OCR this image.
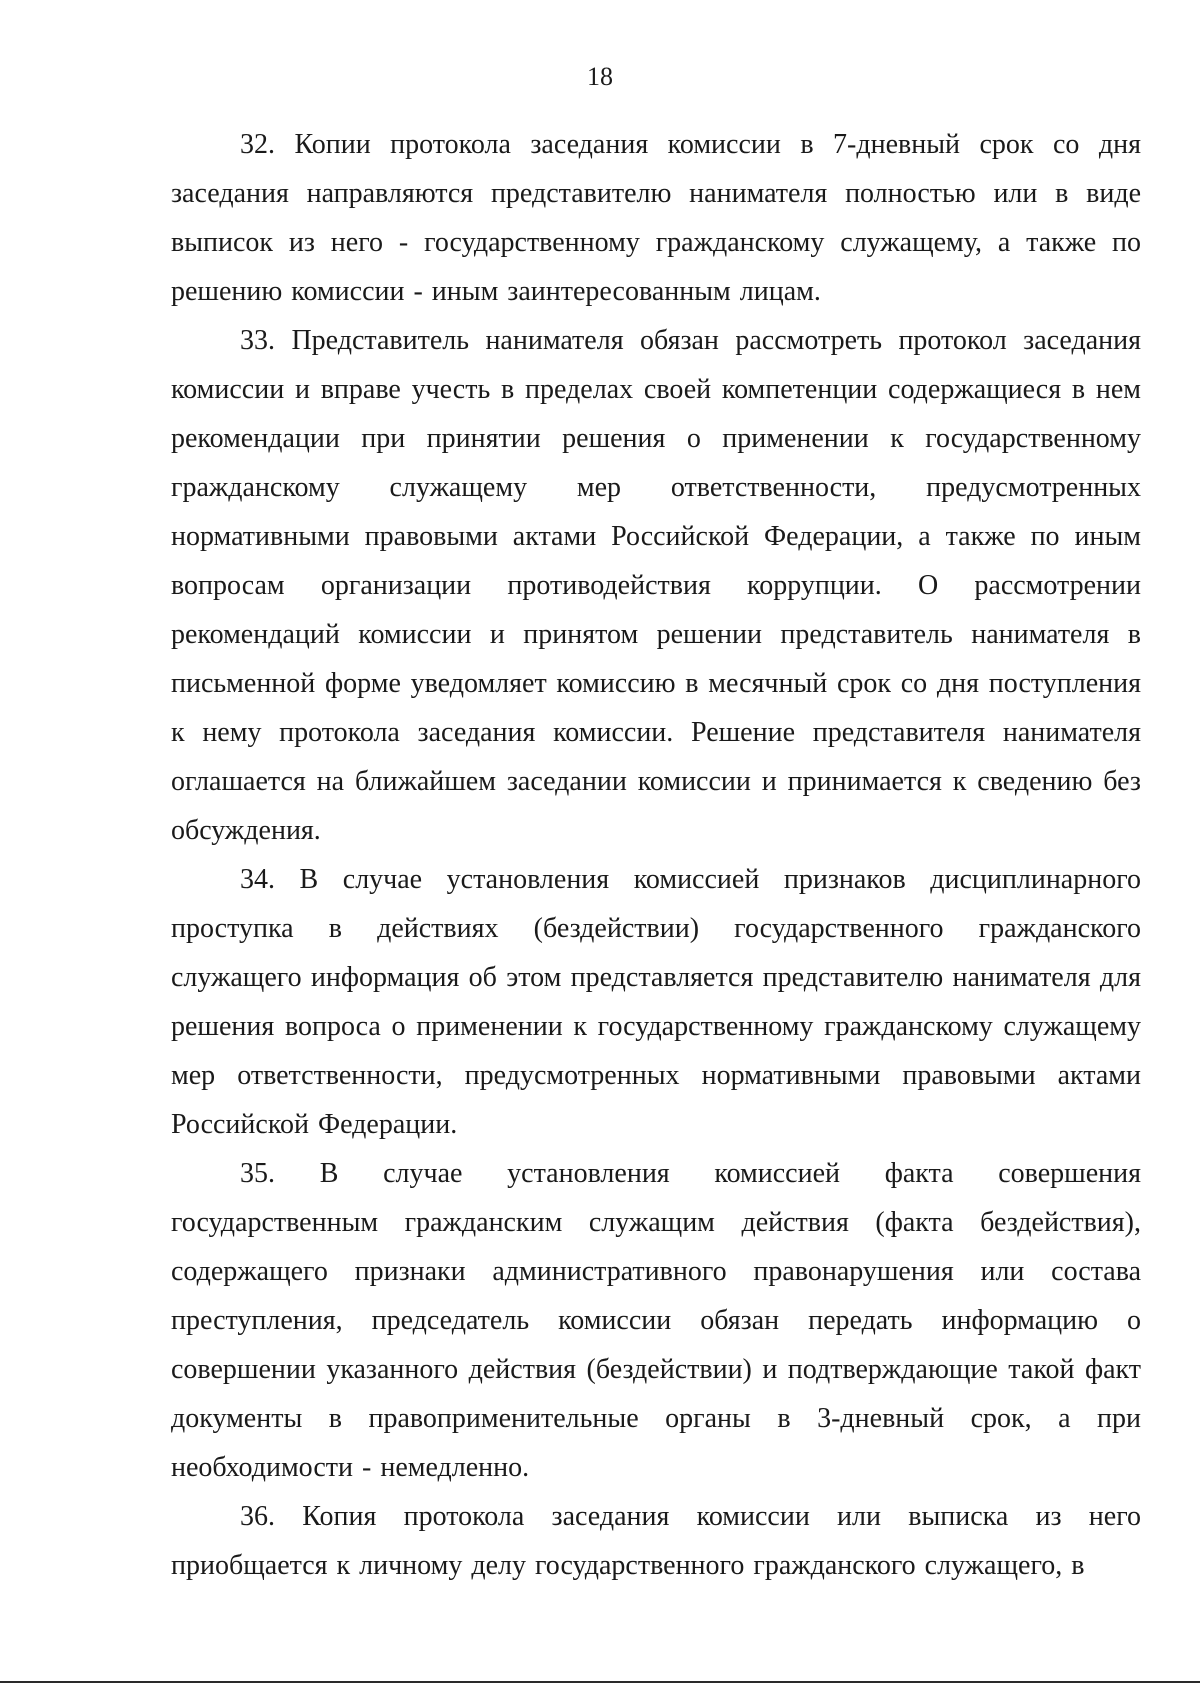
18

32. Копии протокола заседания комиссии в 7-дневный срок со дня заседания направляются представителю нанимателя полностью или в виде выписок из него - государственному гражданскому служащему, а также по решению комиссии - иным заинтересованным лицам.

33. Представитель нанимателя обязан рассмотреть протокол заседания комиссии и вправе учесть в пределах своей компетенции содержащиеся в нем рекомендации при принятии решения о применении к государственному гражданскому служащему мер ответственности, предусмотренных нормативными правовыми актами Российской Федерации, а также по иным вопросам организации противодействия коррупции. О рассмотрении рекомендаций комиссии и принятом решении представитель нанимателя в письменной форме уведомляет комиссию в месячный срок со дня поступления к нему протокола заседания комиссии. Решение представителя нанимателя оглашается на ближайшем заседании комиссии и принимается к сведению без обсуждения.

34. В случае установления комиссией признаков дисциплинарного проступка в действиях (бездействии) государственного гражданского служащего информация об этом представляется представителю нанимателя для решения вопроса о применении к государственному гражданскому служащему мер ответственности, предусмотренных нормативными правовыми актами Российской Федерации.

35. В случае установления комиссией факта совершения государственным гражданским служащим действия (факта бездействия), содержащего признаки административного правонарушения или состава преступления, председатель комиссии обязан передать информацию о совершении указанного действия (бездействии) и подтверждающие такой факт документы в правоприменительные органы в 3-дневный срок, а при необходимости - немедленно.

36. Копия протокола заседания комиссии или выписка из него приобщается к личному делу государственного гражданского служащего, в
